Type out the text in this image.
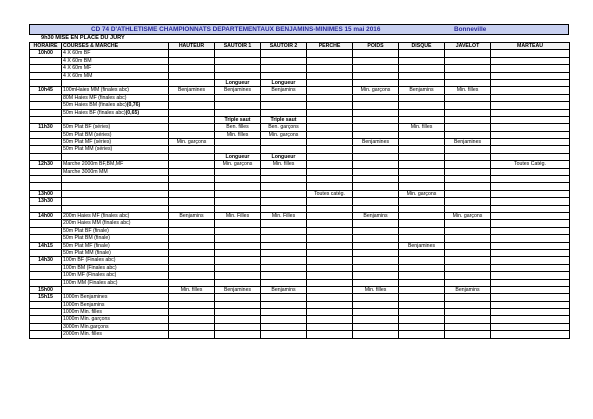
CD 74 D'ATHLETISME CHAMPIONNATS DEPARTEMENTAUX BENJAMINS-MINIMES 15 mai 2016	Bonneville
9h30 MISE EN PLACE DU JURY
HORAIRE	COURSES & MARCHE	HAUTEUR	SAUTOIR 1	SAUTOIR 2	PERCHE	POIDS	DISQUE	JAVELOT	MARTEAU
10h00	4 X 60m BF								
	4 X 60m BM								
	4 X 60m MF								
	4 X 60m MM								
			Longueur	Longueur					
10h45	100mHaies MM (finales abc)	Benjamines	Benjamines	Benjamins		Min. garçons	Benjamins	Min. filles	
	80M Haies MF (finales abc)								
	50m Haies BM (finales abc)(0,76)								
	50m Haies BF (finales abc)(0,65)								
			Triple saut	Triple saut					
11h30	50m Plat BF (séries)		Ben. filles	Ben. garçons			Min. filles		
	50m Plat BM (séries)		Min. filles	Min. garçons					
	50m Plat MF (séries)	Min. garçons				Benjamines		Benjamines	
	50m Plat MM (séries)								
			Longueur	Longueur					
12h30	Marche 2000m BF,BM,MF		Min. garçons	Min. filles					Toutes Catég.
	Marche 3000m MM								

13h00					Toutes catég.		Min. garçons		
13h30									

14h00	200m Haies MF (finales abc)	Benjamins	Min. Filles	Min. Filles		Benjamins		Min. garçons	
	200m Haies MM (finales abc)								
	50m Plat BF (finale)								
	50m Plat BM (finale)								
14h15	50m Plat MF (finale)						Benjamines		
	50m Plat MM (finale)								
14h30	100m BF (Finales abc)								
	100m BM (Finales abc)								
	100m MF (Finales abc)								
	100m MM (Finales abc)								
15h00		Min. filles	Benjamines	Benjamins		Min. filles		Benjamins	
15h15	1000m Benjamines								
	1000m Benjamins								
	1000m Min. filles								
	1000m Min. garçons								
	3000m Min.garçons								
	2000m Min. filles								
